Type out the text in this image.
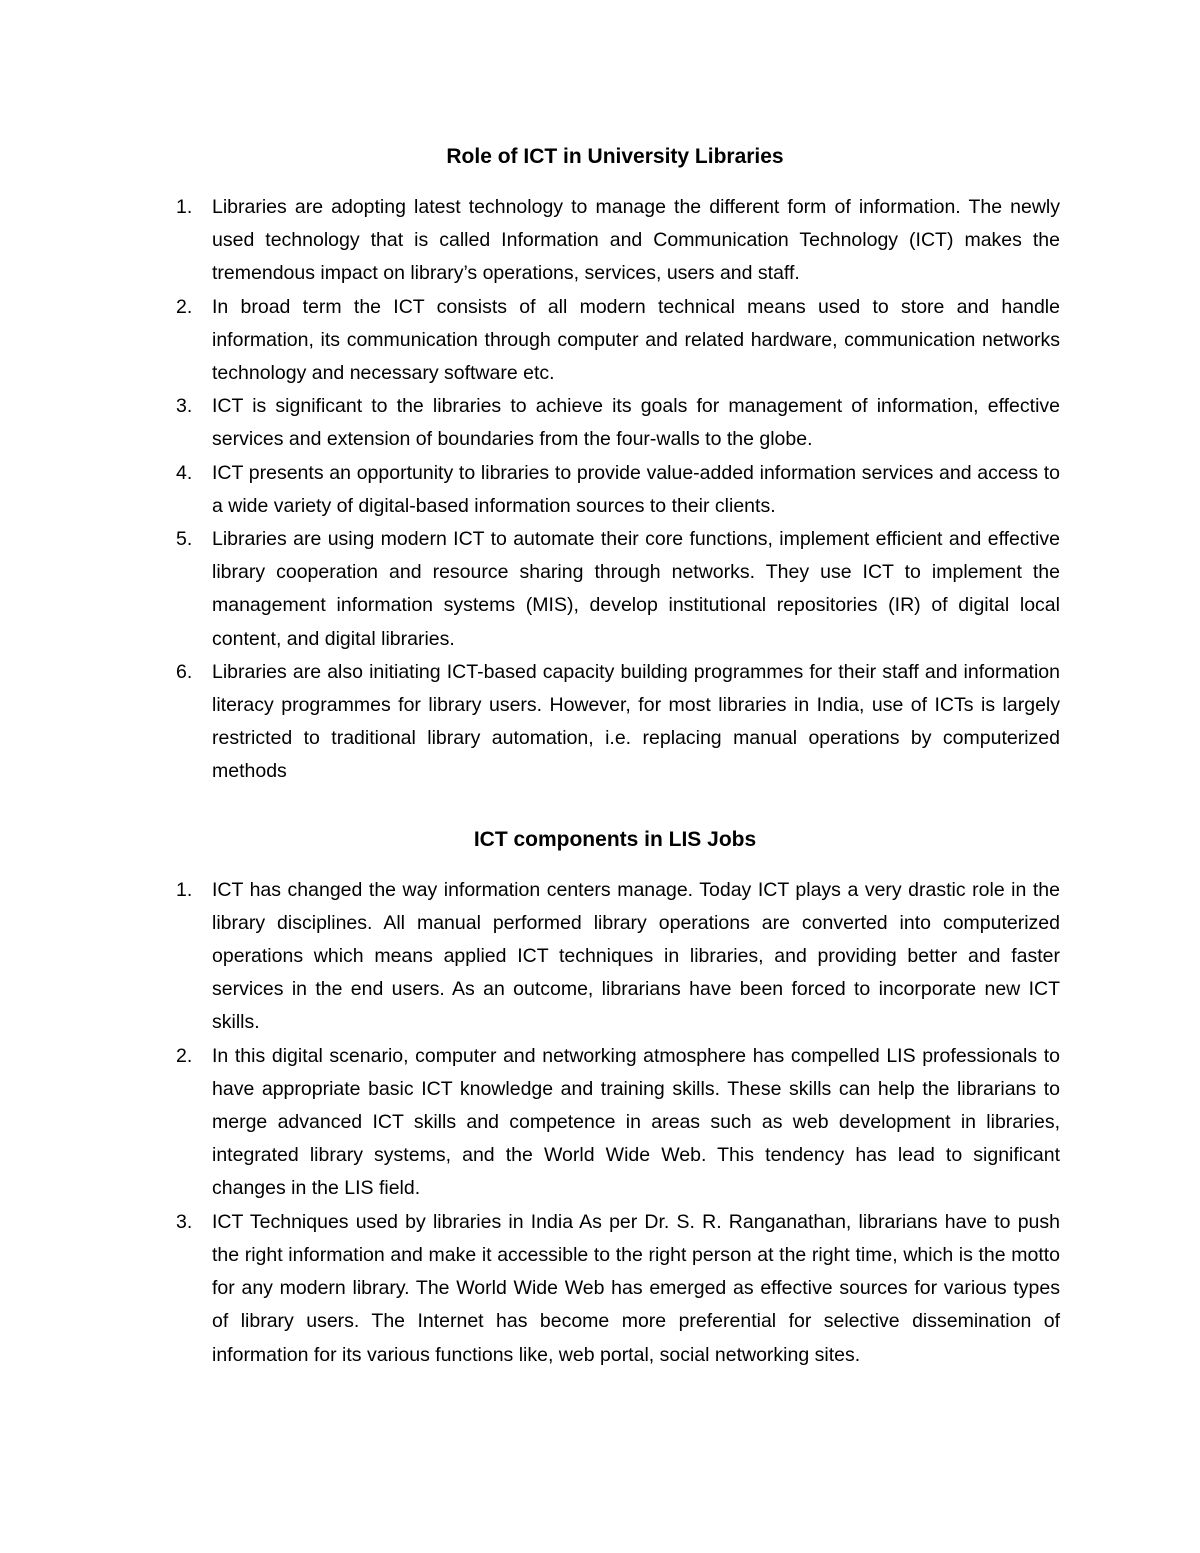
Role of ICT in University Libraries
1. Libraries are adopting latest technology to manage the different form of information. The newly used technology that is called Information and Communication Technology (ICT) makes the tremendous impact on library’s operations, services, users and staff.
2. In broad term the ICT consists of all modern technical means used to store and handle information, its communication through computer and related hardware, communication networks technology and necessary software etc.
3. ICT is significant to the libraries to achieve its goals for management of information, effective services and extension of boundaries from the four-walls to the globe.
4. ICT presents an opportunity to libraries to provide value-added information services and access to a wide variety of digital-based information sources to their clients.
5. Libraries are using modern ICT to automate their core functions, implement efficient and effective library cooperation and resource sharing through networks. They use ICT to implement the management information systems (MIS), develop institutional repositories (IR) of digital local content, and digital libraries.
6. Libraries are also initiating ICT-based capacity building programmes for their staff and information literacy programmes for library users. However, for most libraries in India, use of ICTs is largely restricted to traditional library automation, i.e. replacing manual operations by computerized methods
ICT components in LIS Jobs
1. ICT has changed the way information centers manage. Today ICT plays a very drastic role in the library disciplines. All manual performed library operations are converted into computerized operations which means applied ICT techniques in libraries, and providing better and faster services in the end users. As an outcome, librarians have been forced to incorporate new ICT skills.
2. In this digital scenario, computer and networking atmosphere has compelled LIS professionals to have appropriate basic ICT knowledge and training skills. These skills can help the librarians to merge advanced ICT skills and competence in areas such as web development in libraries, integrated library systems, and the World Wide Web. This tendency has lead to significant changes in the LIS field.
3. ICT Techniques used by libraries in India As per Dr. S. R. Ranganathan, librarians have to push the right information and make it accessible to the right person at the right time, which is the motto for any modern library. The World Wide Web has emerged as effective sources for various types of library users. The Internet has become more preferential for selective dissemination of information for its various functions like, web portal, social networking sites.
